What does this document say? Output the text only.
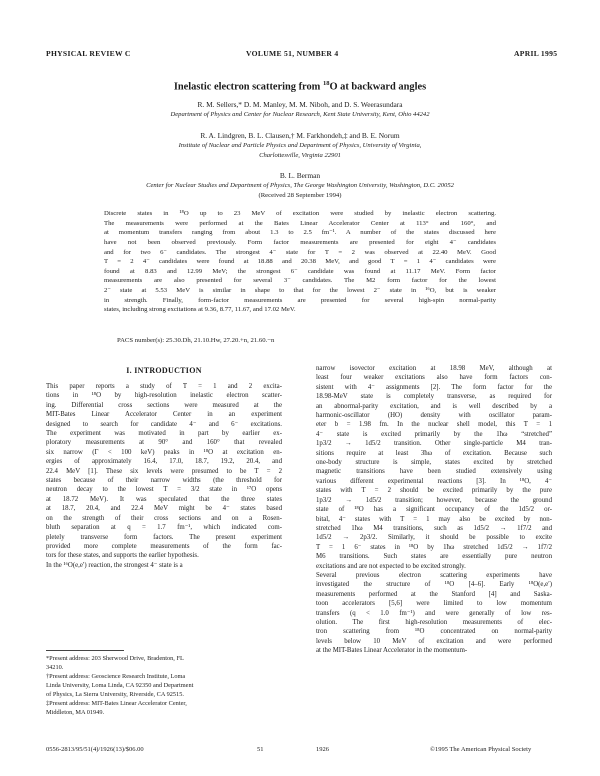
PHYSICAL REVIEW C	VOLUME 51, NUMBER 4	APRIL 1995
Inelastic electron scattering from $^{18}$O at backward angles
R. M. Sellers,* D. M. Manley, M. M. Niboh, and D. S. Weerasundara
Department of Physics and Center for Nuclear Research, Kent State University, Kent, Ohio 44242
R. A. Lindgren, B. L. Clausen,† M. Farkhondeh,‡ and B. E. Norum
Institute of Nuclear and Particle Physics and Department of Physics, University of Virginia,
Charlottesville, Virginia 22901
B. L. Berman
Center for Nuclear Studies and Department of Physics, The George Washington University, Washington, D.C. 20052
(Received 28 September 1994)
Discrete states in ¹⁸O up to 23 MeV of excitation were studied by inelastic electron scattering.
The measurements were performed at the Bates Linear Accelerator Center at 113° and 160°, and
at momentum transfers ranging from about 1.3 to 2.5 fm⁻¹. A number of the states discussed here
have not been observed previously. Form factor measurements are presented for eight 4⁻ candidates
and for two 6⁻ candidates. The strongest 4⁻ state for T = 2 was observed at 22.40 MeV. Good
T = 2 4⁻ candidates were found at 18.88 and 20.38 MeV, and good T = 1 4⁻ candidates were
found at 8.83 and 12.99 MeV; the strongest 6⁻ candidate was found at 11.17 MeV. Form factor
measurements are also presented for several 3⁻ candidates. The M2 form factor for the lowest
2⁻ state at 5.53 MeV is similar in shape to that for the lowest 2⁻ state in ¹⁶O, but is weaker
in strength. Finally, form-factor measurements are presented for several high-spin normal-parity
states, including strong excitations at 9.36, 8.77, 11.67, and 17.02 MeV.
PACS number(s): 25.30.Dh, 21.10.Hw, 27.20.+n, 21.60.−n
I. INTRODUCTION
This paper reports a study of T = 1 and 2 excita-
tions in ¹⁸O by high-resolution inelastic electron scatter-
ing. Differential cross sections were measured at the
MIT-Bates Linear Accelerator Center in an experiment
designed to search for candidate 4⁻ and 6⁻ excitations.
The experiment was motivated in part by earlier ex-
ploratory measurements at 90° and 160° that revealed
six narrow (Γ < 100 keV) peaks in ¹⁸O at excitation en-
ergies of approximately 16.4, 17.0, 18.7, 19.2, 20.4, and
22.4 MeV [1]. These six levels were presumed to be T = 2
states because of their narrow widths (the threshold for
neutron decay to the lowest T = 3/2 state in ¹⁷O opens
at 18.72 MeV). It was speculated that the three states
at 18.7, 20.4, and 22.4 MeV might be 4⁻ states based
on the strength of their cross sections and on a Rosen-
bluth separation at q = 1.7 fm⁻¹, which indicated com-
pletely transverse form factors. The present experiment
provided more complete measurements of the form fac-
tors for these states, and supports the earlier hypothesis.
In the ¹⁶O(e,e′) reaction, the strongest 4⁻ state is a
narrow isovector excitation at 18.98 MeV, although at
least four weaker excitations also have form factors con-
sistent with 4⁻ assignments [2]. The form factor for the
18.98-MeV state is completely transverse, as required for
an abnormal-parity excitation, and is well described by a
harmonic-oscillator (HO) density with oscillator param-
eter b = 1.98 fm. In the nuclear shell model, this T = 1
4⁻ state is excited primarily by the 1ħω “stretched”
1p3/2 → 1d5/2 transition. Other single-particle M4 tran-
sitions require at least 3ħω of excitation. Because such
one-body structure is simple, states excited by stretched
magnetic transitions have been studied extensively using
various different experimental reactions [3]. In ¹⁸O, 4⁻
states with T = 2 should be excited primarily by the pure
1p3/2 → 1d5/2 transition; however, because the ground
state of ¹⁸O has a significant occupancy of the 1d5/2 or-
bital, 4⁻ states with T = 1 may also be excited by non-
stretched 1ħω M4 transitions, such as 1d5/2 → 1f7/2 and
1d5/2 → 2p3/2. Similarly, it should be possible to excite
T = 1 6⁻ states in ¹⁸O by 1ħω stretched 1d5/2 → 1f7/2
M6 transitions. Such states are essentially pure neutron
excitations and are not expected to be excited strongly.
Several previous electron scattering experiments have
investigated the structure of ¹⁸O [4–6]. Early ¹⁸O(e,e′)
measurements performed at the Stanford [4] and Saska-
toon accelerators [5,6] were limited to low momentum
transfers (q < 1.0 fm⁻¹) and were generally of low res-
olution. The first high-resolution measurements of elec-
tron scattering from ¹⁸O concentrated on normal-parity
levels below 10 MeV of excitation and were performed
at the MIT-Bates Linear Accelerator in the momentum-
*Present address: 203 Sherwood Drive, Bradenton, FL
34210.
†Present address: Geoscience Research Institute, Loma
Linda University, Loma Linda, CA 92350 and Department
of Physics, La Sierra University, Riverside, CA 92515.
‡Present address: MIT-Bates Linear Accelerator Center,
Middleton, MA 01949.
0556-2813/95/51(4)/1926(13)/$06.00	51	1926	©1995 The American Physical Society
